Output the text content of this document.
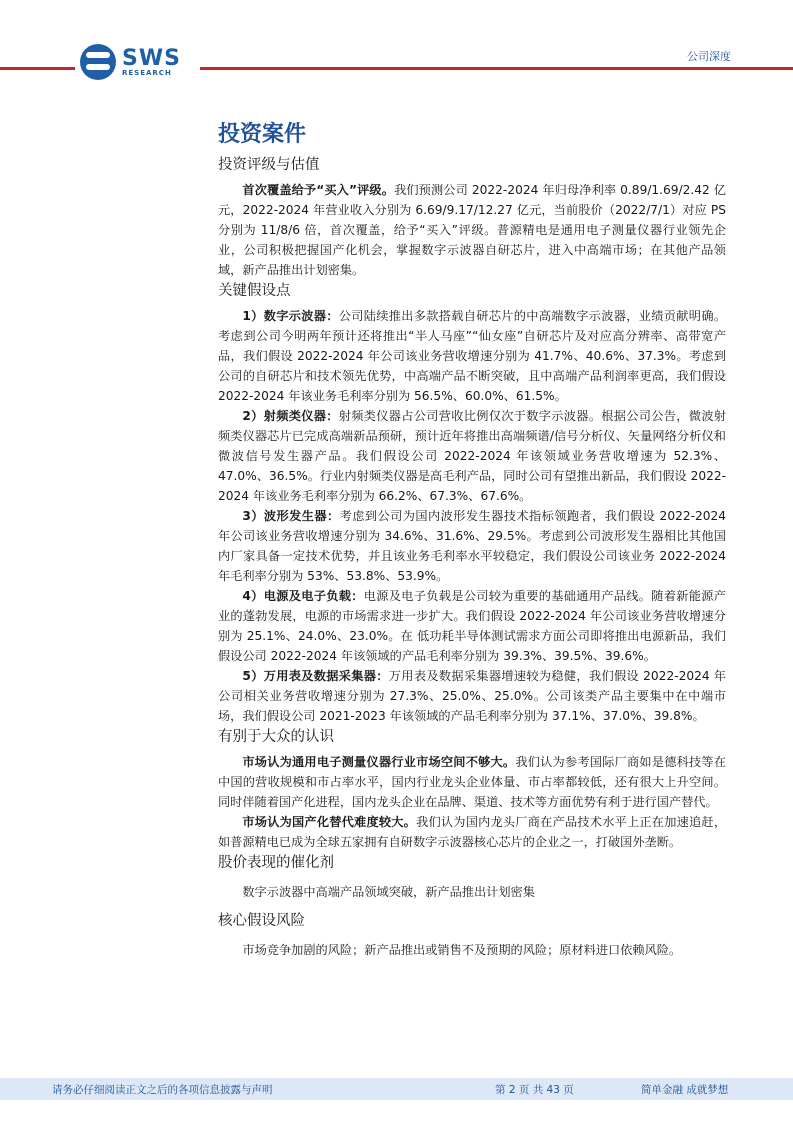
SWS
RESEARCH
公司深度
投资案件
投资评级与估值

首次覆盖给予“买入”评级。我们预测公司 2022-2024 年归母净利率 0.89/1.69/2.42 亿元，2022-2024 年营业收入分别为 6.69/9.17/12.27 亿元，当前股价（2022/7/1）对应 PS 分别为 11/8/6 倍，首次覆盖，给予“买入”评级。普源精电是通用电子测量仪器行业领先企业，公司积极把握国产化机会，掌握数字示波器自研芯片，进入中高端市场；在其他产品领域，新产品推出计划密集。

关键假设点

1）数字示波器：公司陆续推出多款搭载自研芯片的中高端数字示波器，业绩贡献明确。考虑到公司今明两年预计还将推出“半人马座”“仙女座”自研芯片及对应高分辨率、高带宽产品，我们假设 2022-2024 年公司该业务营收增速分别为 41.7%、40.6%、37.3%。考虑到公司的自研芯片和技术领先优势，中高端产品不断突破，且中高端产品利润率更高，我们假设 2022-2024 年该业务毛利率分别为 56.5%、60.0%、61.5%。

2）射频类仪器：射频类仪器占公司营收比例仅次于数字示波器。根据公司公告，微波射频类仪器芯片已完成高端新品预研，预计近年将推出高端频谱/信号分析仪、矢量网络分析仪和微波信号发生器产品。我们假设公司 2022-2024 年该领域业务营收增速为 52.3%、47.0%、36.5%。行业内射频类仪器是高毛利产品，同时公司有望推出新品，我们假设 2022-2024 年该业务毛利率分别为 66.2%、67.3%、67.6%。

3）波形发生器：考虑到公司为国内波形发生器技术指标领跑者，我们假设 2022-2024 年公司该业务营收增速分别为 34.6%、31.6%、29.5%。考虑到公司波形发生器相比其他国内厂家具备一定技术优势，并且该业务毛利率水平较稳定，我们假设公司该业务 2022-2024 年毛利率分别为 53%、53.8%、53.9%。

4）电源及电子负载：电源及电子负载是公司较为重要的基础通用产品线。随着新能源产业的蓬勃发展，电源的市场需求进一步扩大。我们假设 2022-2024 年公司该业务营收增速分别为 25.1%、24.0%、23.0%。在 低功耗半导体测试需求方面公司即将推出电源新品，我们假设公司 2022-2024 年该领域的产品毛利率分别为 39.3%、39.5%、39.6%。

5）万用表及数据采集器：万用表及数据采集器增速较为稳健，我们假设 2022-2024 年公司相关业务营收增速分别为 27.3%、25.0%、25.0%。公司该类产品主要集中在中端市场，我们假设公司 2021-2023 年该领域的产品毛利率分别为 37.1%、37.0%、39.8%。

有别于大众的认识

市场认为通用电子测量仪器行业市场空间不够大。我们认为参考国际厂商如是德科技等在中国的营收规模和市占率水平，国内行业龙头企业体量、市占率都较低，还有很大上升空间。同时伴随着国产化进程，国内龙头企业在品牌、渠道、技术等方面优势有利于进行国产替代。

市场认为国产化替代难度较大。我们认为国内龙头厂商在产品技术水平上正在加速追赶，如普源精电已成为全球五家拥有自研数字示波器核心芯片的企业之一，打破国外垄断。

股价表现的催化剂

数字示波器中高端产品领域突破，新产品推出计划密集

核心假设风险

市场竞争加剧的风险；新产品推出或销售不及预期的风险；原材料进口依赖风险。

请务必仔细阅读正文之后的各项信息披露与声明	第 2 页 共 43 页	简单金融 成就梦想
